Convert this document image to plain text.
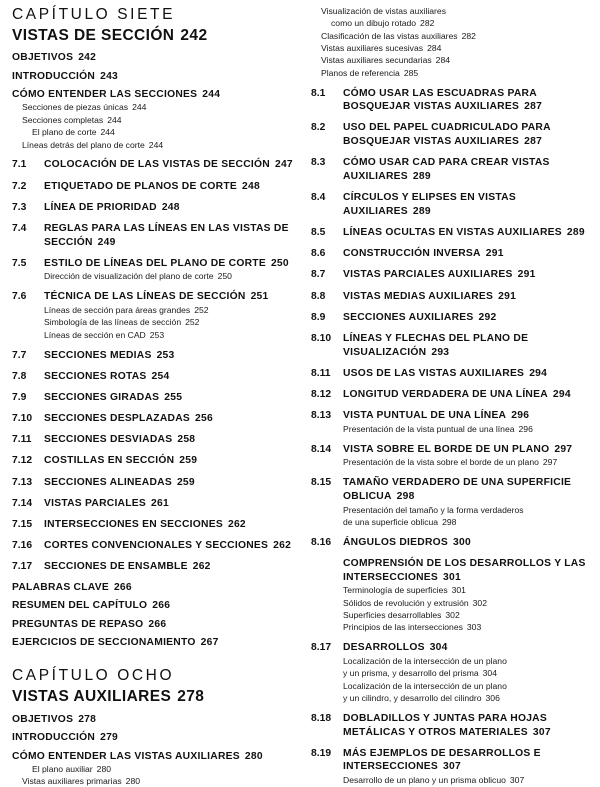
CAPÍTULO SIETE
VISTAS DE SECCIÓN 242
OBJETIVOS 242
INTRODUCCIÓN 243
CÓMO ENTENDER LAS SECCIONES 244
Secciones de piezas únicas 244
Secciones completas 244
El plano de corte 244
Líneas detrás del plano de corte 244
7.1	COLOCACIÓN DE LAS VISTAS DE SECCIÓN 247
7.2	ETIQUETADO DE PLANOS DE CORTE 248
7.3	LÍNEA DE PRIORIDAD 248
7.4	REGLAS PARA LAS LÍNEAS EN LAS VISTAS DE SECCIÓN 249
7.5	ESTILO DE LÍNEAS DEL PLANO DE CORTE 250
Dirección de visualización del plano de corte 250
7.6	TÉCNICA DE LAS LÍNEAS DE SECCIÓN 251
Líneas de sección para áreas grandes 252
Simbología de las líneas de sección 252
Líneas de sección en CAD 253
7.7	SECCIONES MEDIAS 253
7.8	SECCIONES ROTAS 254
7.9	SECCIONES GIRADAS 255
7.10	SECCIONES DESPLAZADAS 256
7.11	SECCIONES DESVIADAS 258
7.12	COSTILLAS EN SECCIÓN 259
7.13	SECCIONES ALINEADAS 259
7.14	VISTAS PARCIALES 261
7.15	INTERSECCIONES EN SECCIONES 262
7.16	CORTES CONVENCIONALES Y SECCIONES 262
7.17	SECCIONES DE ENSAMBLE 262
PALABRAS CLAVE 266
RESUMEN DEL CAPÍTULO 266
PREGUNTAS DE REPASO 266
EJERCICIOS DE SECCIONAMIENTO 267
CAPÍTULO OCHO
VISTAS AUXILIARES 278
OBJETIVOS 278
INTRODUCCIÓN 279
CÓMO ENTENDER LAS VISTAS AUXILIARES 280
El plano auxiliar 280
Vistas auxiliares primarias 280
Visualización de vistas auxiliares
como un dibujo rotado 282
Clasificación de las vistas auxiliares 282
Vistas auxiliares sucesivas 284
Vistas auxiliares secundarias 284
Planos de referencia 285
8.1	CÓMO USAR LAS ESCUADRAS PARA BOSQUEJAR VISTAS AUXILIARES 287
8.2	USO DEL PAPEL CUADRICULADO PARA BOSQUEJAR VISTAS AUXILIARES 287
8.3	CÓMO USAR CAD PARA CREAR VISTAS AUXILIARES 289
8.4	CÍRCULOS Y ELIPSES EN VISTAS AUXILIARES 289
8.5	LÍNEAS OCULTAS EN VISTAS AUXILIARES 289
8.6	CONSTRUCCIÓN INVERSA 291
8.7	VISTAS PARCIALES AUXILIARES 291
8.8	VISTAS MEDIAS AUXILIARES 291
8.9	SECCIONES AUXILIARES 292
8.10	LÍNEAS Y FLECHAS DEL PLANO DE VISUALIZACIÓN 293
8.11	USOS DE LAS VISTAS AUXILIARES 294
8.12	LONGITUD VERDADERA DE UNA LÍNEA 294
8.13	VISTA PUNTUAL DE UNA LÍNEA 296
Presentación de la vista puntual de una línea 296
8.14	VISTA SOBRE EL BORDE DE UN PLANO 297
Presentación de la vista sobre el borde de un plano 297
8.15	TAMAÑO VERDADERO DE UNA SUPERFICIE OBLICUA 298
Presentación del tamaño y la forma verdaderos
de una superficie oblicua 298
8.16	ÁNGULOS DIEDROS 300
COMPRENSIÓN DE LOS DESARROLLOS Y LAS INTERSECCIONES 301
Terminología de superficies 301
Sólidos de revolución y extrusión 302
Superficies desarrollables 302
Principios de las intersecciones 303
8.17	DESARROLLOS 304
Localización de la intersección de un plano
y un prisma, y desarrollo del prisma 304
Localización de la intersección de un plano
y un cilindro, y desarrollo del cilindro 306
8.18	DOBLADILLOS Y JUNTAS PARA HOJAS METÁLICAS Y OTROS MATERIALES 307
8.19	MÁS EJEMPLOS DE DESARROLLOS E INTERSECCIONES 307
Desarrollo de un plano y un prisma oblicuo 307
